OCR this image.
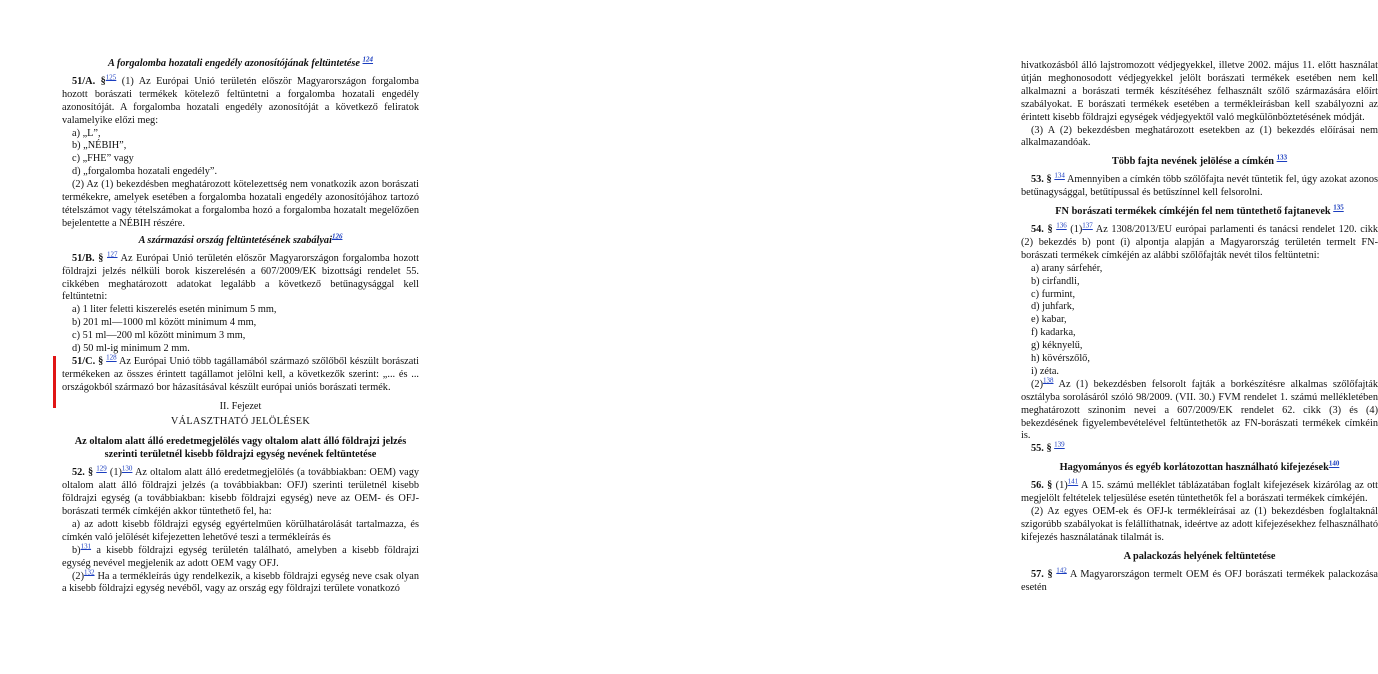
A forgalomba hozatali engedély azonosítójának feltüntetése $^{124}$

51/A. §$^{125}$ (1) Az Európai Unió területén először Magyarországon forgalomba hozott borászati termékek kötelező feltüntetni a forgalomba hozatali engedély azonosítóját. A forgalomba hozatali engedély azonosítóját a következő feliratok valamelyike előzi meg:

a) „L”,

b) „NÉBIH”,

c) „FHE” vagy

d) „forgalomba hozatali engedély”.

(2) Az (1) bekezdésben meghatározott kötelezettség nem vonatkozik azon borászati termékekre, amelyek esetében a forgalomba hozatali engedély azonosítójához tartozó tételszámot vagy tételszámokat a forgalomba hozó a forgalomba hozatalt megelőzően bejelentette a NÉBIH részére.

A származási ország feltüntetésének szabályai$^{126}$

51/B. § $^{127}$ Az Európai Unió területén először Magyarországon forgalomba hozott földrajzi jelzés nélküli borok kiszerelésén a 607/2009/EK bizottsági rendelet 55. cikkében meghatározott adatokat legalább a következő betűnagysággal kell feltüntetni:

a) 1 liter feletti kiszerelés esetén minimum 5 mm,

b) 201 ml—1000 ml között minimum 4 mm,

c) 51 ml—200 ml között minimum 3 mm,

d) 50 ml-ig minimum 2 mm.

51/C. § $^{128}$ Az Európai Unió több tagállamából származó szőlőből készült borászati termékeken az összes érintett tagállamot jelölni kell, a következők szerint: „... és ... országokból származó bor házasításával készült európai uniós borászati termék.

II. Fejezet

VÁLASZTHATÓ JELÖLÉSEK

Az oltalom alatt álló eredetmegjelölés vagy oltalom alatt álló földrajzi jelzés szerinti területnél kisebb földrajzi egység nevének feltüntetése

52. § $^{129}$ (1)$^{130}$ Az oltalom alatt álló eredetmegjelölés (a továbbiakban: OEM) vagy oltalom alatt álló földrajzi jelzés (a továbbiakban: OFJ) szerinti területnél kisebb földrajzi egység (a továbbiakban: kisebb földrajzi egység) neve az OEM- és OFJ-borászati termék címkéjén akkor tüntethető fel, ha:

a) az adott kisebb földrajzi egység egyértelműen körülhatárolását tartalmazza, és címkén való jelölését kifejezetten lehetővé teszi a termékleírás és

b)$^{131}$ a kisebb földrajzi egység területén található, amelyben a kisebb földrajzi egység nevével megjelenik az adott OEM vagy OFJ.

(2)$^{132}$ Ha a termékleírás úgy rendelkezik, a kisebb földrajzi egység neve csak olyan a kisebb földrajzi egység nevéből, vagy az ország egy földrajzi területe vonatkozó

hivatkozásból álló lajstromozott védjegyekkel, illetve 2002. május 11. előtt használat útján meghonosodott védjegyekkel jelölt borászati termékek esetében nem kell alkalmazni a borászati termék készítéséhez felhasznált szőlő származására előírt szabályokat. E borászati termékek esetében a termékleírásban kell szabályozni az érintett kisebb földrajzi egységek védjegyektől való megkülönböztetésének módját.

(3) A (2) bekezdésben meghatározott esetekben az (1) bekezdés előírásai nem alkalmazandóak.

Több fajta nevének jelölése a címkén $^{133}$

53. § $^{134}$ Amennyiben a címkén több szőlőfajta nevét tüntetik fel, úgy azokat azonos betűnagysággal, betűtípussal és betűszínnel kell felsorolni.

FN borászati termékek címkéjén fel nem tüntethető fajtanevek $^{135}$

54. § $^{136}$ (1)$^{137}$ Az 1308/2013/EU európai parlamenti és tanácsi rendelet 120. cikk (2) bekezdés b) pont (i) alpontja alapján a Magyarország területén termelt FN-borászati termékek címkéjén az alábbi szőlőfajták nevét tilos feltüntetni:

a) arany sárfehér,

b) cirfandli,

c) furmint,

d) juhfark,

e) kabar,

f) kadarka,

g) kéknyelű,

h) kövérszőlő,

i) zéta.

(2)$^{138}$ Az (1) bekezdésben felsorolt fajták a borkészítésre alkalmas szőlőfajták osztályba sorolásáról szóló 98/2009. (VII. 30.) FVM rendelet 1. számú mellékletében meghatározott szinonim nevei a 607/2009/EK rendelet 62. cikk (3) és (4) bekezdésének figyelembevételével feltüntethetők az FN-borászati termékek címkéin is.

55. § $^{139}$

Hagyományos és egyéb korlátozottan használható kifejezések$^{140}$

56. § (1)$^{141}$ A 15. számú melléklet táblázatában foglalt kifejezések kizárólag az ott megjelölt feltételek teljesülése esetén tüntethetők fel a borászati termékek címkéjén.

(2) Az egyes OEM-ek és OFJ-k termékleírásai az (1) bekezdésben foglaltaknál szigorúbb szabályokat is felállíthatnak, ideértve az adott kifejezésekhez felhasználható kifejezés használatának tilalmát is.

A palackozás helyének feltüntetése

57. § $^{142}$ A Magyarországon termelt OEM és OFJ borászati termékek palackozása esetén
